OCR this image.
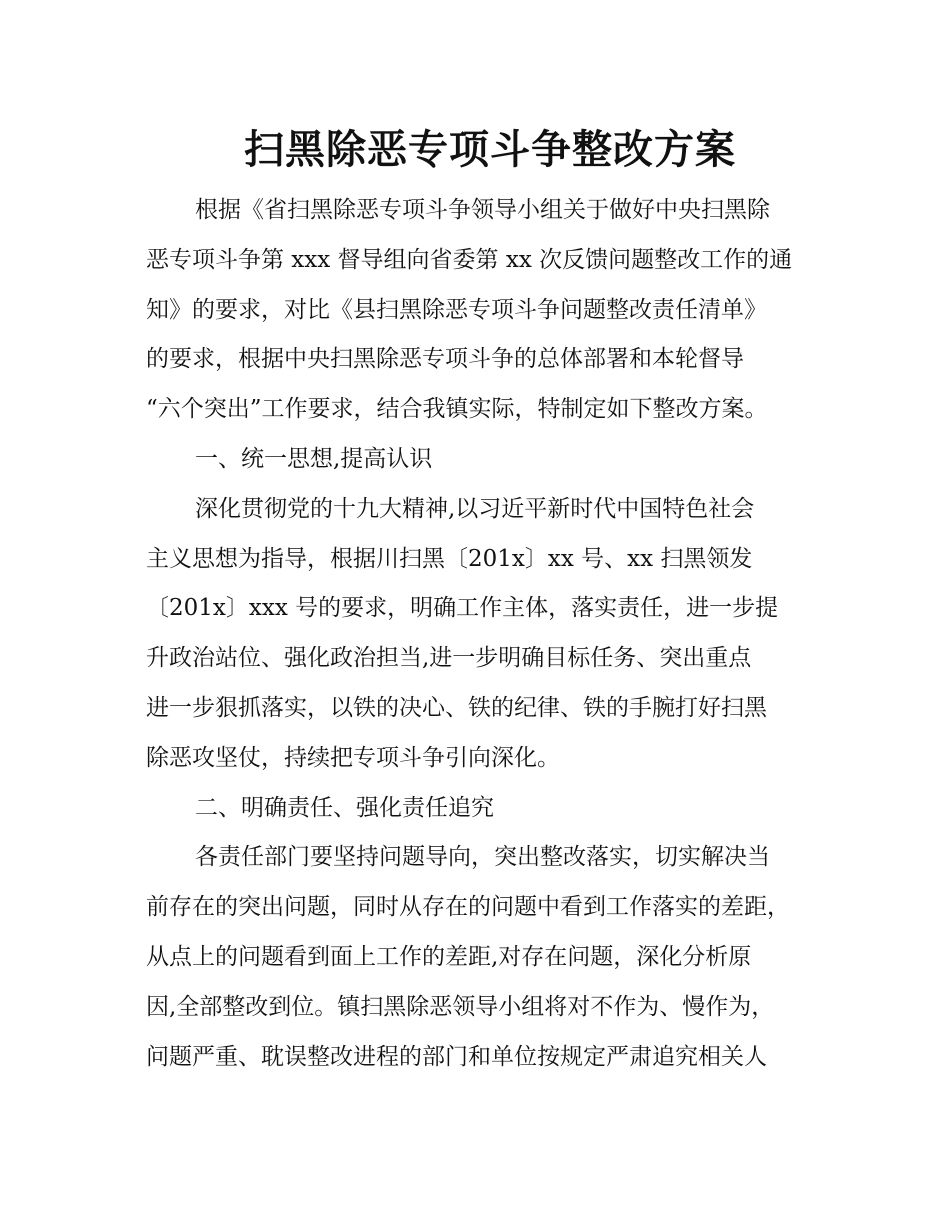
扫黑除恶专项斗争整改方案
根据《省扫黑除恶专项斗争领导小组关于做好中央扫黑除
恶专项斗争第 xxx 督导组向省委第 xx 次反馈问题整改工作的通
知》的要求，对比《县扫黑除恶专项斗争问题整改责任清单》
的要求，根据中央扫黑除恶专项斗争的总体部署和本轮督导
“六个突出”工作要求，结合我镇实际，特制定如下整改方案。
一、统一思想,提高认识
深化贯彻党的十九大精神,以习近平新时代中国特色社会
主义思想为指导，根据川扫黑〔201x〕xx 号、xx 扫黑领发
〔201x〕xxx 号的要求，明确工作主体，落实责任，进一步提
升政治站位、强化政治担当,进一步明确目标任务、突出重点
进一步狠抓落实，以铁的决心、铁的纪律、铁的手腕打好扫黑
除恶攻坚仗，持续把专项斗争引向深化。
二、明确责任、强化责任追究
各责任部门要坚持问题导向，突出整改落实，切实解决当
前存在的突出问题，同时从存在的问题中看到工作落实的差距，
从点上的问题看到面上工作的差距,对存在问题，深化分析原
因,全部整改到位。镇扫黑除恶领导小组将对不作为、慢作为，
问题严重、耽误整改进程的部门和单位按规定严肃追究相关人
